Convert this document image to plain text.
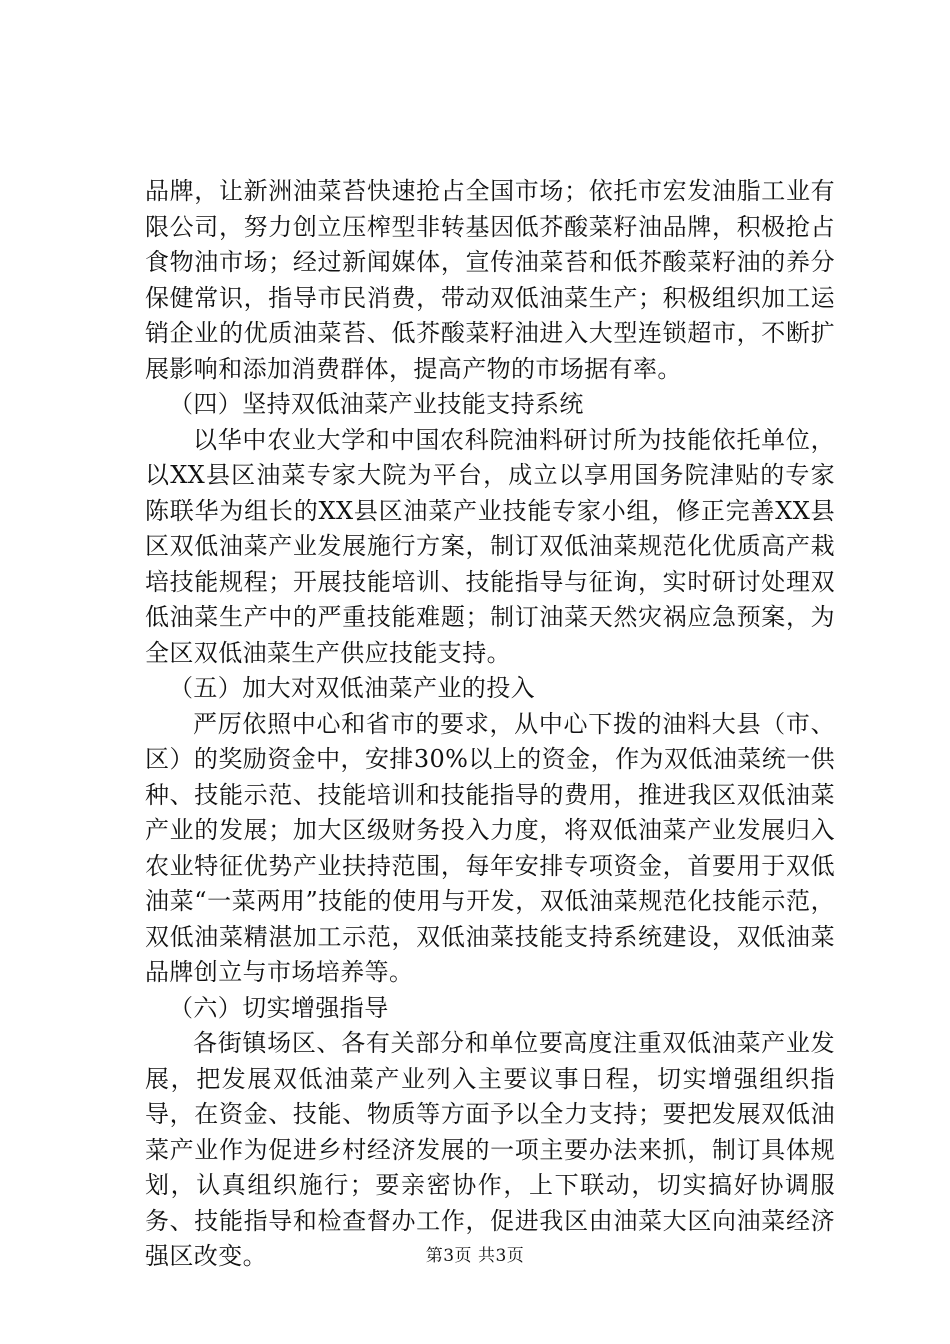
品牌，让新洲油菜苔快速抢占全国市场；依托市宏发油脂工业有限公司，努力创立压榨型非转基因低芥酸菜籽油品牌，积极抢占食物油市场；经过新闻媒体，宣传油菜苔和低芥酸菜籽油的养分保健常识，指导市民消费，带动双低油菜生产；积极组织加工运销企业的优质油菜苔、低芥酸菜籽油进入大型连锁超市，不断扩展影响和添加消费群体，提高产物的市场据有率。

（四）坚持双低油菜产业技能支持系统

以华中农业大学和中国农科院油料研讨所为技能依托单位，以XX县区油菜专家大院为平台，成立以享用国务院津贴的专家陈联华为组长的XX县区油菜产业技能专家小组，修正完善XX县区双低油菜产业发展施行方案，制订双低油菜规范化优质高产栽培技能规程；开展技能培训、技能指导与征询，实时研讨处理双低油菜生产中的严重技能难题；制订油菜天然灾祸应急预案，为全区双低油菜生产供应技能支持。

（五）加大对双低油菜产业的投入

严厉依照中心和省市的要求，从中心下拨的油料大县（市、区）的奖励资金中，安排30%以上的资金，作为双低油菜统一供种、技能示范、技能培训和技能指导的费用，推进我区双低油菜产业的发展；加大区级财务投入力度，将双低油菜产业发展归入农业特征优势产业扶持范围，每年安排专项资金，首要用于双低油菜“一菜两用”技能的使用与开发，双低油菜规范化技能示范，双低油菜精湛加工示范，双低油菜技能支持系统建设，双低油菜品牌创立与市场培养等。

（六）切实增强指导

各街镇场区、各有关部分和单位要高度注重双低油菜产业发展，把发展双低油菜产业列入主要议事日程，切实增强组织指导，在资金、技能、物质等方面予以全力支持；要把发展双低油菜产业作为促进乡村经济发展的一项主要办法来抓，制订具体规划，认真组织施行；要亲密协作，上下联动，切实搞好协调服务、技能指导和检查督办工作，促进我区由油菜大区向油菜经济强区改变。	第3页 共3页
